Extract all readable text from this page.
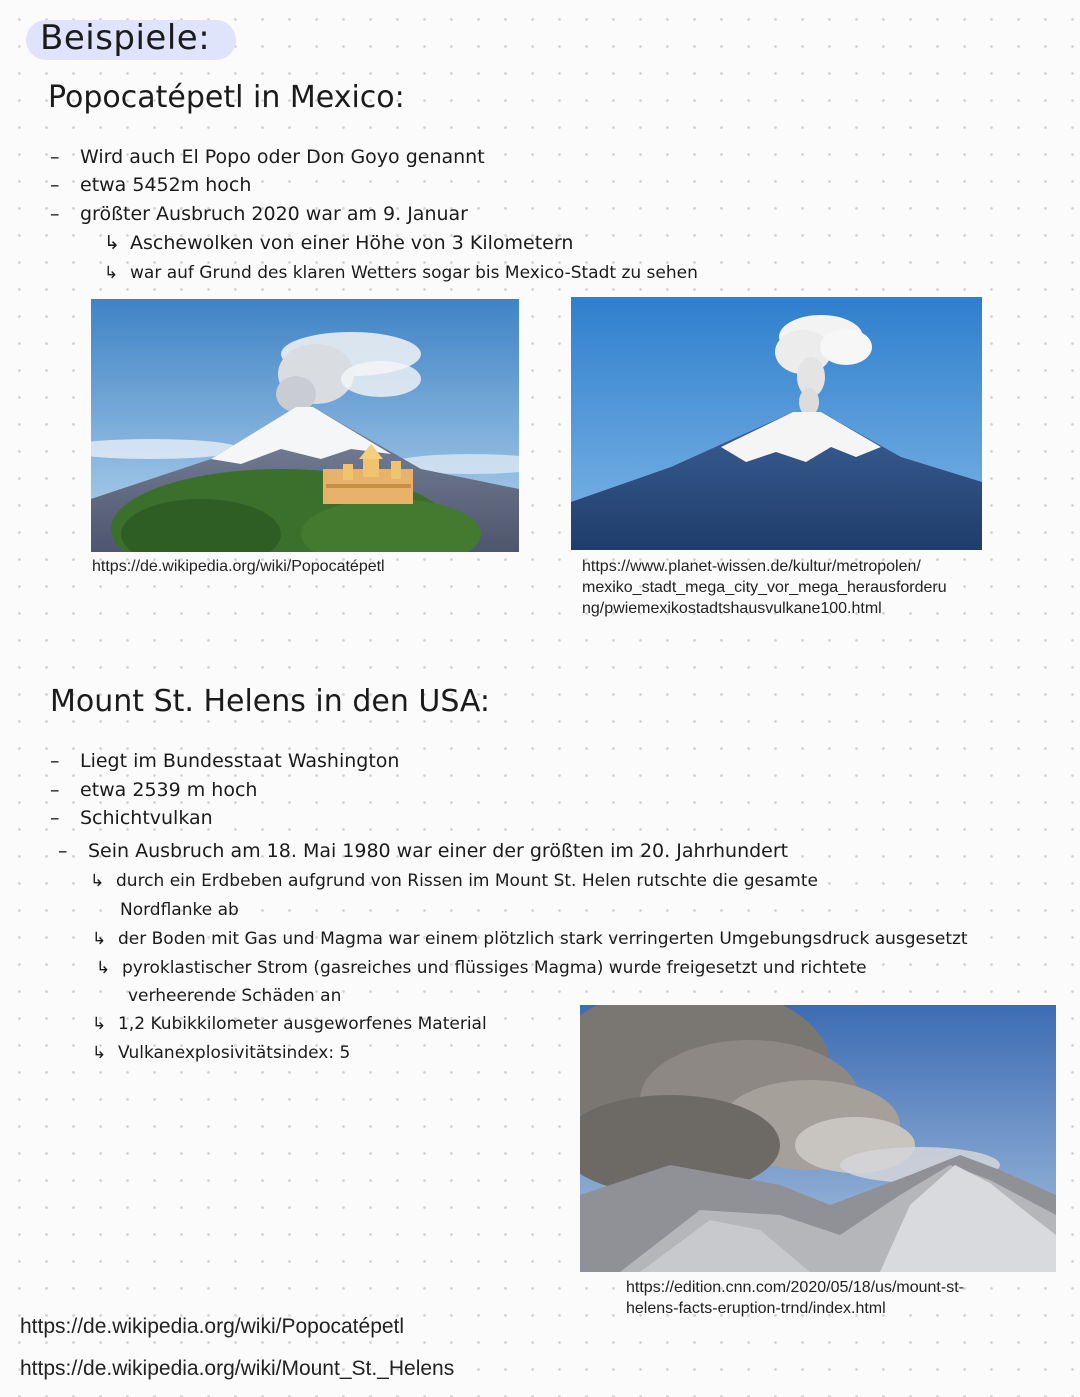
Beispiele:
Popocatépetl in Mexico:
– Wird auch El Popo oder Don Goyo genannt
– etwa 5452m hoch
– größter Ausbruch 2020 war am 9. Januar
↳ Aschewolken von einer Höhe von 3 Kilometern
↳ war auf Grund des klaren Wetters sogar bis Mexico-Stadt zu sehen
https://de.wikipedia.org/wiki/Popocatépetl	https://www.planet-wissen.de/kultur/metropolen/
mexiko_stadt_mega_city_vor_mega_herausforderu
ng/pwiemexikostadtshausvulkane100.html
Mount St. Helens in den USA:
– Liegt im Bundesstaat Washington
– etwa 2539 m hoch
– Schichtvulkan
– Sein Ausbruch am 18. Mai 1980 war einer der größten im 20. Jahrhundert
↳ durch ein Erdbeben aufgrund von Rissen im Mount St. Helen rutschte die gesamte
Nordflanke ab
↳ der Boden mit Gas und Magma war einem plötzlich stark verringerten Umgebungsdruck ausgesetzt
↳ pyroklastischer Strom (gasreiches und flüssiges Magma) wurde freigesetzt und richtete
verheerende Schäden an
↳ 1,2 Kubikkilometer ausgeworfenes Material
↳ Vulkanexplosivitätsindex: 5
https://edition.cnn.com/2020/05/18/us/mount-st-
helens-facts-eruption-trnd/index.html
https://de.wikipedia.org/wiki/Popocatépetl
https://de.wikipedia.org/wiki/Mount_St._Helens
